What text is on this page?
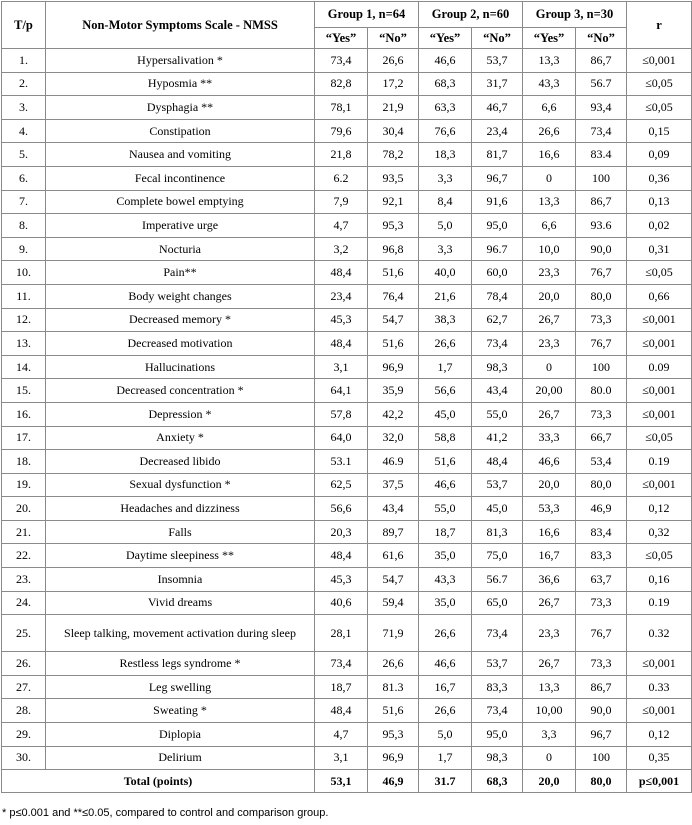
T/p	Non-Motor Symptoms Scale - NMSS	Group 1, n=64		Group 2, n=60		Group 3, n=30		r
		“Yes”	“No”	“Yes”	“No”	“Yes”	“No”	
1.	Hypersalivation *	73,4	26,6	46,6	53,7	13,3	86,7	≤0,001
2.	Hyposmia **	82,8	17,2	68,3	31,7	43,3	56.7	≤0,05
3.	Dysphagia **	78,1	21,9	63,3	46,7	6,6	93,4	≤0,05
4.	Constipation	79,6	30,4	76,6	23,4	26,6	73,4	0,15
5.	Nausea and vomiting	21,8	78,2	18,3	81,7	16,6	83.4	0,09
6.	Fecal incontinence	6.2	93,5	3,3	96,7	0	100	0,36
7.	Complete bowel emptying	7,9	92,1	8,4	91,6	13,3	86,7	0,13
8.	Imperative urge	4,7	95,3	5,0	95,0	6,6	93.6	0,02
9.	Nocturia	3,2	96,8	3,3	96.7	10,0	90,0	0,31
10.	Pain**	48,4	51,6	40,0	60,0	23,3	76,7	≤0,05
11.	Body weight changes	23,4	76,4	21,6	78,4	20,0	80,0	0,66
12.	Decreased memory *	45,3	54,7	38,3	62,7	26,7	73,3	≤0,001
13.	Decreased motivation	48,4	51,6	26,6	73,4	23,3	76,7	≤0,001
14.	Hallucinations	3,1	96,9	1,7	98,3	0	100	0.09
15.	Decreased concentration *	64,1	35,9	56,6	43,4	20,00	80.0	≤0,001
16.	Depression *	57,8	42,2	45,0	55,0	26,7	73,3	≤0,001
17.	Anxiety *	64,0	32,0	58,8	41,2	33,3	66,7	≤0,05
18.	Decreased libido	53.1	46.9	51,6	48,4	46,6	53,4	0.19
19.	Sexual dysfunction *	62,5	37,5	46,6	53,7	20,0	80,0	≤0,001
20.	Headaches and dizziness	56,6	43,4	55,0	45,0	53,3	46,9	0,12
21.	Falls	20,3	89,7	18,7	81,3	16,6	83,4	0,32
22.	Daytime sleepiness **	48,4	61,6	35,0	75,0	16,7	83,3	≤0,05
23.	Insomnia	45,3	54,7	43,3	56.7	36,6	63,7	0,16
24.	Vivid dreams	40,6	59,4	35,0	65,0	26,7	73,3	0.19
25.	Sleep talking, movement activation during sleep	28,1	71,9	26,6	73,4	23,3	76,7	0.32
26.	Restless legs syndrome *	73,4	26,6	46,6	53,7	26,7	73,3	≤0,001
27.	Leg swelling	18,7	81.3	16,7	83,3	13,3	86,7	0.33
28.	Sweating *	48,4	51,6	26,6	73,4	10,00	90,0	≤0,001
29.	Diplopia	4,7	95,3	5,0	95,0	3,3	96,7	0,12
30.	Delirium	3,1	96,9	1,7	98,3	0	100	0,35
Total (points)		53,1	46,9	31.7	68,3	20,0	80,0	p≤0,001
* p≤0.001 and **≤0.05, compared to control and comparison group.
